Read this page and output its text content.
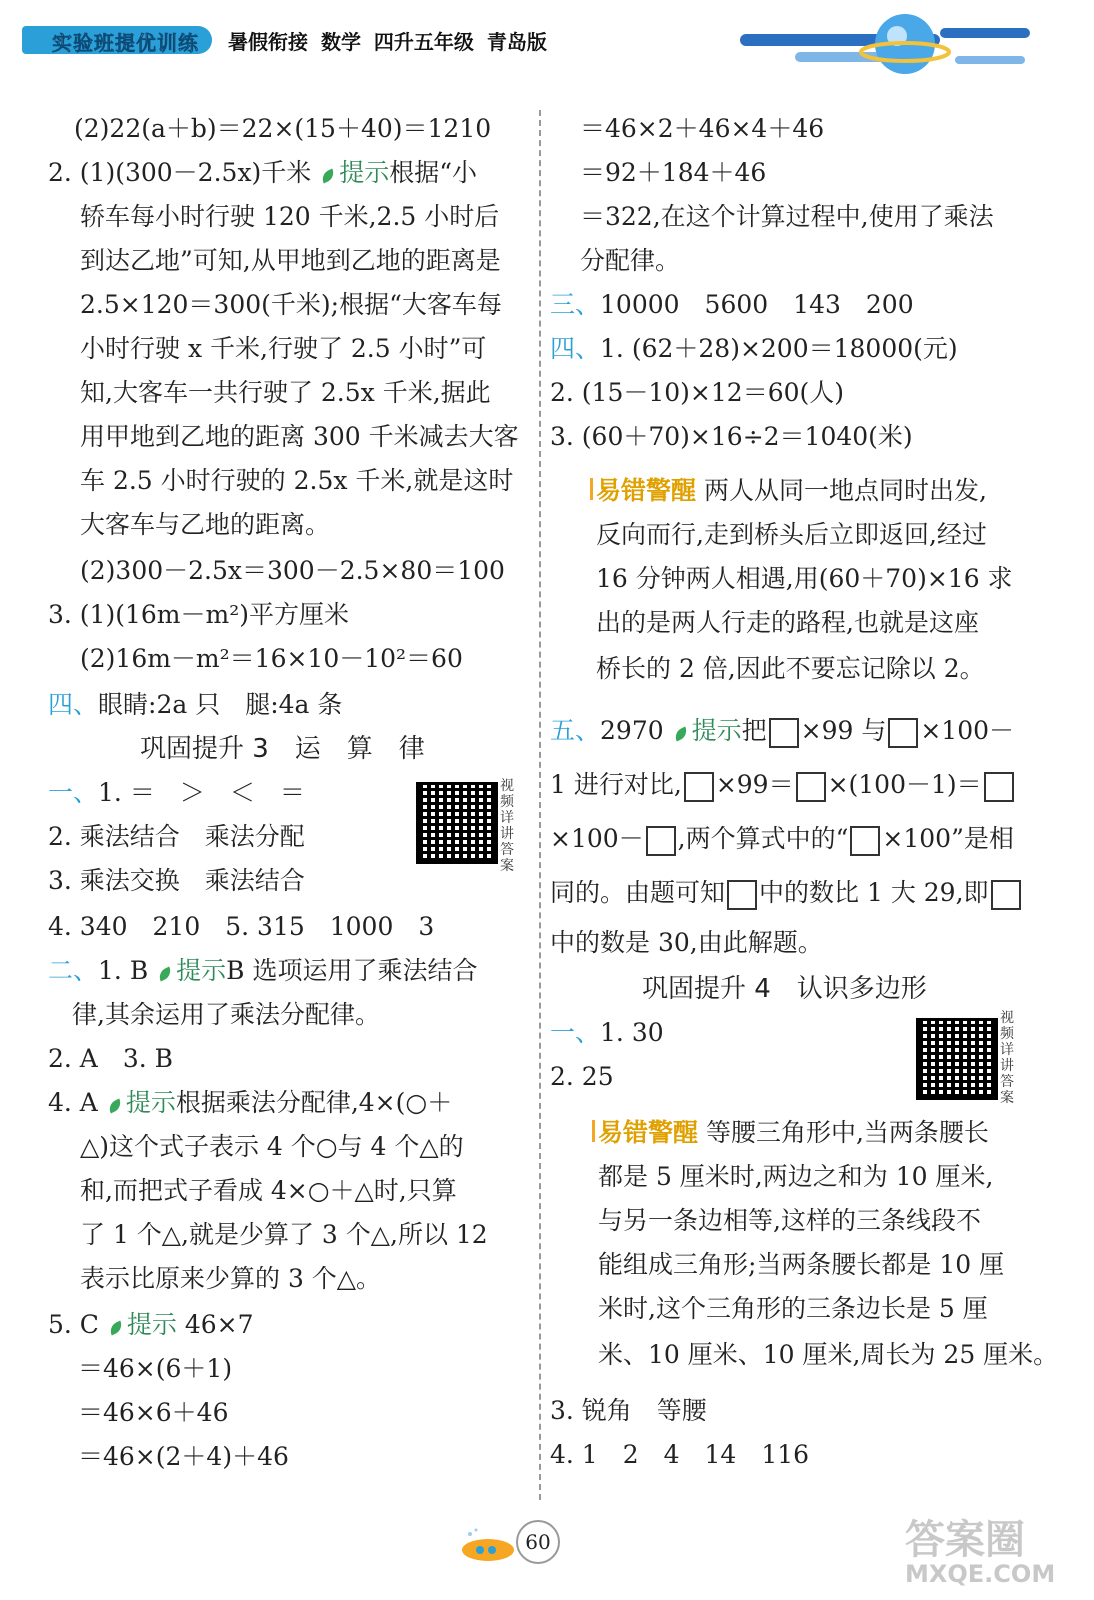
实验班提优训练 暑假衔接 数学 四升五年级 青岛版
(2)22(a＋b)＝22×(15＋40)＝1210
2. (1)(300－2.5x)千米 提示根据“小
轿车每小时行驶 120 千米,2.5 小时后
到达乙地”可知,从甲地到乙地的距离是
2.5×120＝300(千米);根据“大客车每
小时行驶 x 千米,行驶了 2.5 小时”可
知,大客车一共行驶了 2.5x 千米,据此
用甲地到乙地的距离 300 千米减去大客
车 2.5 小时行驶的 2.5x 千米,就是这时
大客车与乙地的距离。
(2)300－2.5x＝300－2.5×80＝100
3. (1)(16m－m²)平方厘米
(2)16m－m²＝16×10－10²＝60
四、眼睛:2a 只　腿:4a 条
巩固提升 3　运　算　律
视频详讲答案
一、1. ＝　＞　＜　＝
2. 乘法结合　乘法分配
3. 乘法交换　乘法结合
4. 340　210　5. 315　1000　3
二、1. B 提示B 选项运用了乘法结合
律,其余运用了乘法分配律。
2. A　3. B
4. A 提示根据乘法分配律,4×(○＋
△)这个式子表示 4 个○与 4 个△的
和,而把式子看成 4×○＋△时,只算
了 1 个△,就是少算了 3 个△,所以 12
表示比原来少算的 3 个△。
5. C 提示 46×7
＝46×(6＋1)
＝46×6＋46
＝46×(2＋4)＋46
＝46×2＋46×4＋46
＝92＋184＋46
＝322,在这个计算过程中,使用了乘法
分配律。
三、10000　5600　143　200
四、1. (62＋28)×200＝18000(元)
2. (15－10)×12＝60(人)
3. (60＋70)×16÷2＝1040(米)
易错警醒 两人从同一地点同时出发,
反向而行,走到桥头后立即返回,经过
16 分钟两人相遇,用(60＋70)×16 求
出的是两人行走的路程,也就是这座
桥长的 2 倍,因此不要忘记除以 2。
五、2970 提示把 ×99 与 ×100－
1 进行对比, ×99＝ ×(100－1)＝
×100－ ,两个算式中的“ ×100”是相
同的。由题可知 中的数比 1 大 29,即
中的数是 30,由此解题。
巩固提升 4　认识多边形
视频详讲答案
一、1. 30
2. 25
易错警醒 等腰三角形中,当两条腰长
都是 5 厘米时,两边之和为 10 厘米,
与另一条边相等,这样的三条线段不
能组成三角形;当两条腰长都是 10 厘
米时,这个三角形的三条边长是 5 厘
米、10 厘米、10 厘米,周长为 25 厘米。
3. 锐角　等腰
4. 1　2　4　14　116
60	答案圈
MXQE.COM
